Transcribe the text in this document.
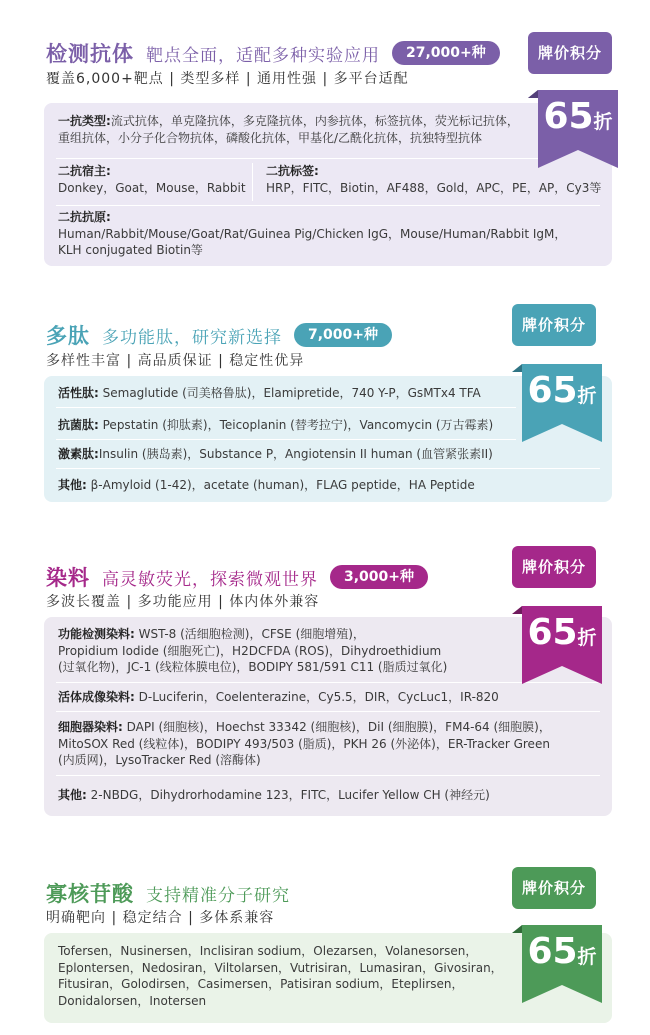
检测抗体 靶点全面，适配多种实验应用	27,000+种
覆盖6,000+靶点 | 类型多样 | 通用性强 | 多平台适配
一抗类型:流式抗体，单克隆抗体，多克隆抗体，内参抗体，标签抗体，荧光标记抗体，
重组抗体，小分子化合物抗体，磷酸化抗体，甲基化/乙酰化抗体，抗独特型抗体
二抗宿主:
Donkey，Goat，Mouse，Rabbit
二抗标签:
HRP，FITC，Biotin，AF488，Gold，APC，PE，AP，Cy3等
二抗抗原:
Human/Rabbit/Mouse/Goat/Rat/Guinea Pig/Chicken IgG，Mouse/Human/Rabbit IgM，
KLH conjugated Biotin等
牌价积分
65折
多肽 多功能肽，研究新选择	7,000+种
多样性丰富 | 高品质保证 | 稳定性优异
活性肽: Semaglutide (司美格鲁肽)，Elamipretide，740 Y-P，GsMTx4 TFA
抗菌肽: Pepstatin (抑肽素)，Teicoplanin (替考拉宁)，Vancomycin (万古霉素)
激素肽:Insulin (胰岛素)，Substance P，Angiotensin II human (血管紧张素II)
其他: β-Amyloid (1-42)，acetate (human)，FLAG peptide，HA Peptide
牌价积分
65折
染料 高灵敏荧光，探索微观世界	3,000+种
多波长覆盖 | 多功能应用 | 体内体外兼容
功能检测染料: WST-8 (活细胞检测)，CFSE (细胞增殖)，
Propidium Iodide (细胞死亡)，H2DCFDA (ROS)，Dihydroethidium
(过氧化物)，JC-1 (线粒体膜电位)，BODIPY 581/591 C11 (脂质过氧化)
活体成像染料: D-Luciferin，Coelenterazine，Cy5.5，DIR，CycLuc1，IR-820
细胞器染料: DAPI (细胞核)，Hoechst 33342 (细胞核)，DiI (细胞膜)，FM4-64 (细胞膜)，
MitoSOX Red (线粒体)，BODIPY 493/503 (脂质)，PKH 26 (外泌体)，ER-Tracker Green
(内质网)，LysoTracker Red (溶酶体)
其他: 2-NBDG，Dihydrorhodamine 123，FITC，Lucifer Yellow CH (神经元)
牌价积分
65折
寡核苷酸 支持精准分子研究
明确靶向 | 稳定结合 | 多体系兼容
Tofersen，Nusinersen，Inclisiran sodium，Olezarsen，Volanesorsen，
Eplontersen，Nedosiran，Viltolarsen，Vutrisiran，Lumasiran，Givosiran，
Fitusiran，Golodirsen，Casimersen，Patisiran sodium，Eteplirsen，
Donidalorsen，Inotersen
牌价积分
65折
